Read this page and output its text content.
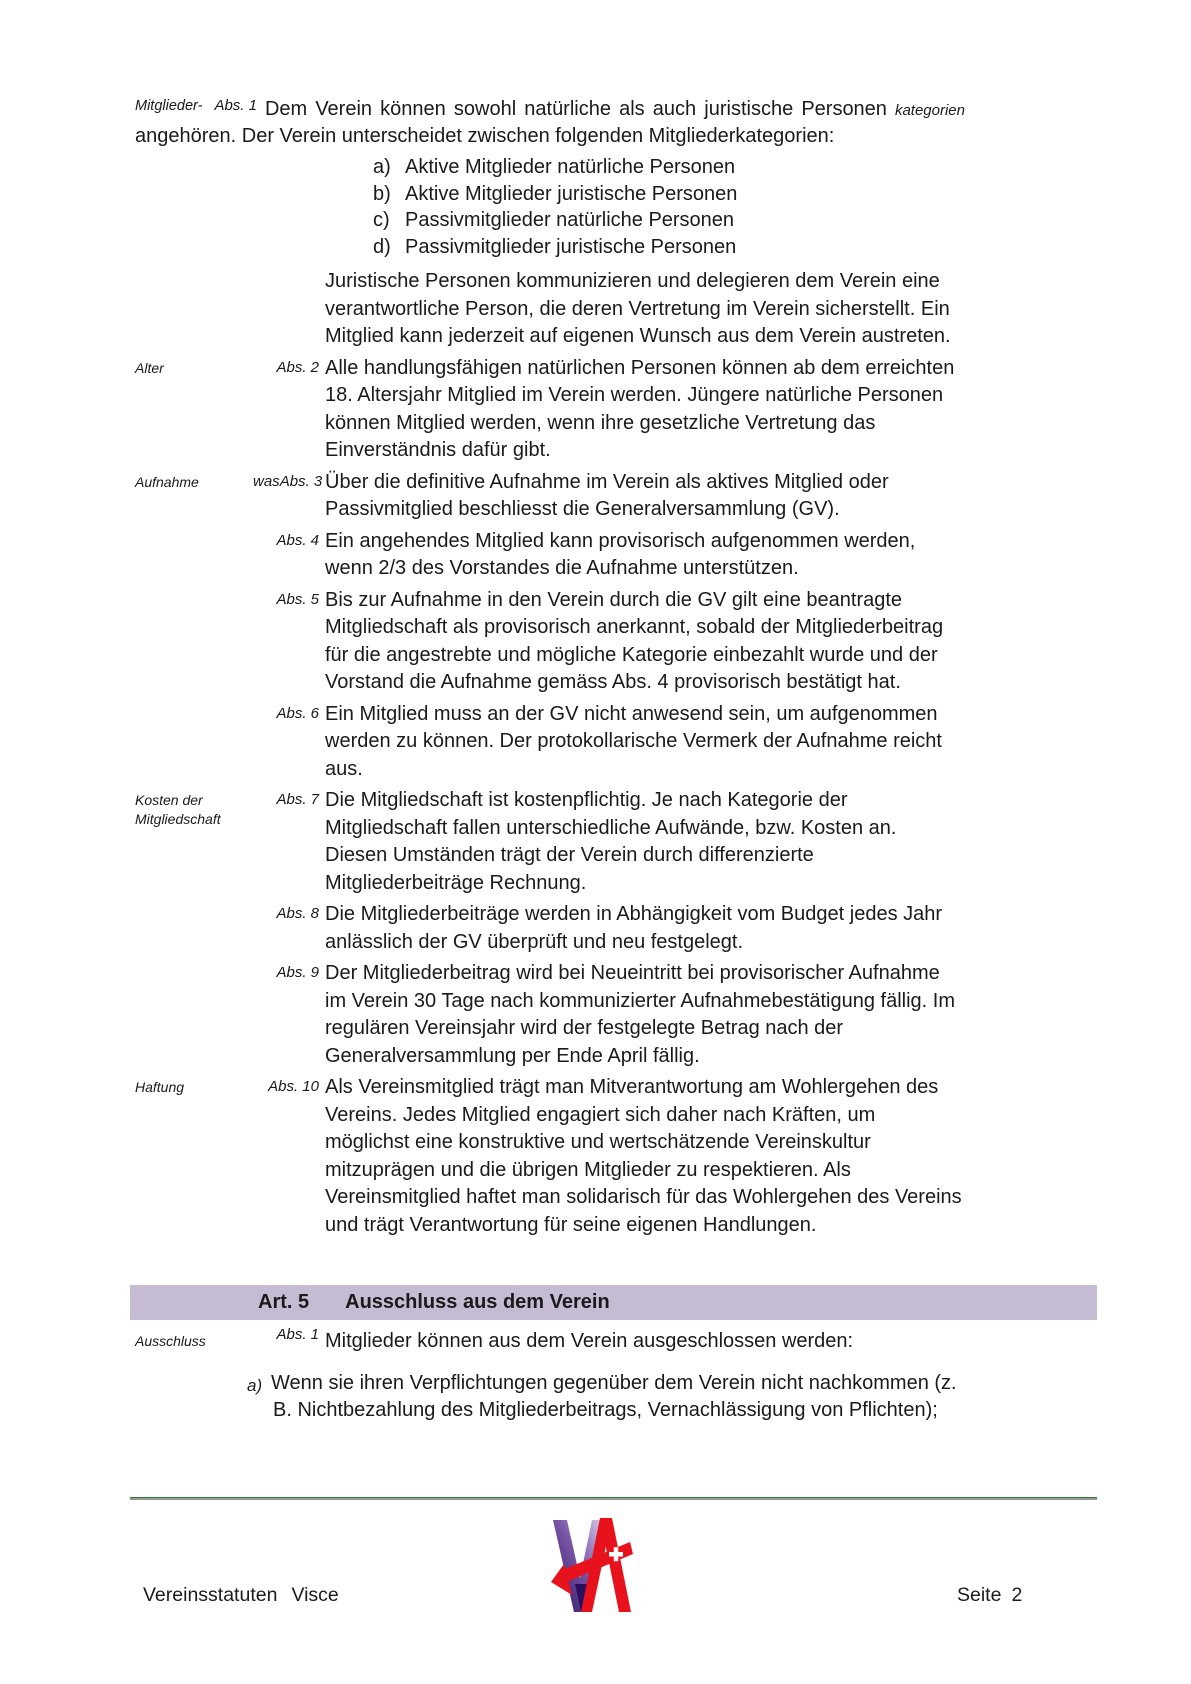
Mitglieder- Abs. 1 Dem Verein können sowohl natürliche als auch juristische Personen kategorien
angehören. Der Verein unterscheidet zwischen folgenden Mitgliederkategorien:
a) Aktive Mitglieder natürliche Personen
b) Aktive Mitglieder juristische Personen
c) Passivmitglieder natürliche Personen
d) Passivmitglieder juristische Personen
Juristische Personen kommunizieren und delegieren dem Verein eine verantwortliche Person, die deren Vertretung im Verein sicherstellt. Ein Mitglied kann jederzeit auf eigenen Wunsch aus dem Verein austreten.
Alter	Abs. 2 Alle handlungsfähigen natürlichen Personen können ab dem erreichten 18. Altersjahr Mitglied im Verein werden. Jüngere natürliche Personen können Mitglied werden, wenn ihre gesetzliche Vertretung das Einverständnis dafür gibt.
Aufnahme	wasAbs. 3 Über die definitive Aufnahme im Verein als aktives Mitglied oder Passivmitglied beschliesst die Generalversammlung (GV).
Abs. 4 Ein angehendes Mitglied kann provisorisch aufgenommen werden, wenn 2/3 des Vorstandes die Aufnahme unterstützen.
Abs. 5 Bis zur Aufnahme in den Verein durch die GV gilt eine beantragte Mitgliedschaft als provisorisch anerkannt, sobald der Mitgliederbeitrag für die angestrebte und mögliche Kategorie einbezahlt wurde und der Vorstand die Aufnahme gemäss Abs. 4 provisorisch bestätigt hat.
Abs. 6 Ein Mitglied muss an der GV nicht anwesend sein, um aufgenommen werden zu können. Der protokollarische Vermerk der Aufnahme reicht aus.
Kosten der Mitgliedschaft
Abs. 7 Die Mitgliedschaft ist kostenpflichtig. Je nach Kategorie der Mitgliedschaft fallen unterschiedliche Aufwände, bzw. Kosten an. Diesen Umständen trägt der Verein durch differenzierte Mitgliederbeiträge Rechnung.
Abs. 8 Die Mitgliederbeiträge werden in Abhängigkeit vom Budget jedes Jahr anlässlich der GV überprüft und neu festgelegt.
Abs. 9 Der Mitgliederbeitrag wird bei Neueintritt bei provisorischer Aufnahme im Verein 30 Tage nach kommunizierter Aufnahmebestätigung fällig. Im regulären Vereinsjahr wird der festgelegte Betrag nach der Generalversammlung per Ende April fällig.
Haftung	Abs. 10 Als Vereinsmitglied trägt man Mitverantwortung am Wohlergehen des Vereins. Jedes Mitglied engagiert sich daher nach Kräften, um möglichst eine konstruktive und wertschätzende Vereinskultur mitzuprägen und die übrigen Mitglieder zu respektieren. Als Vereinsmitglied haftet man solidarisch für das Wohlergehen des Vereins und trägt Verantwortung für seine eigenen Handlungen.
Art. 5 Ausschluss aus dem Verein
Ausschluss	Abs. 1 Mitglieder können aus dem Verein ausgeschlossen werden:
a) Wenn sie ihren Verpflichtungen gegenüber dem Verein nicht nachkommen (z. B. Nichtbezahlung des Mitgliederbeitrags, Vernachlässigung von Pflichten);
Vereinsstatuten Visce	Seite 2
